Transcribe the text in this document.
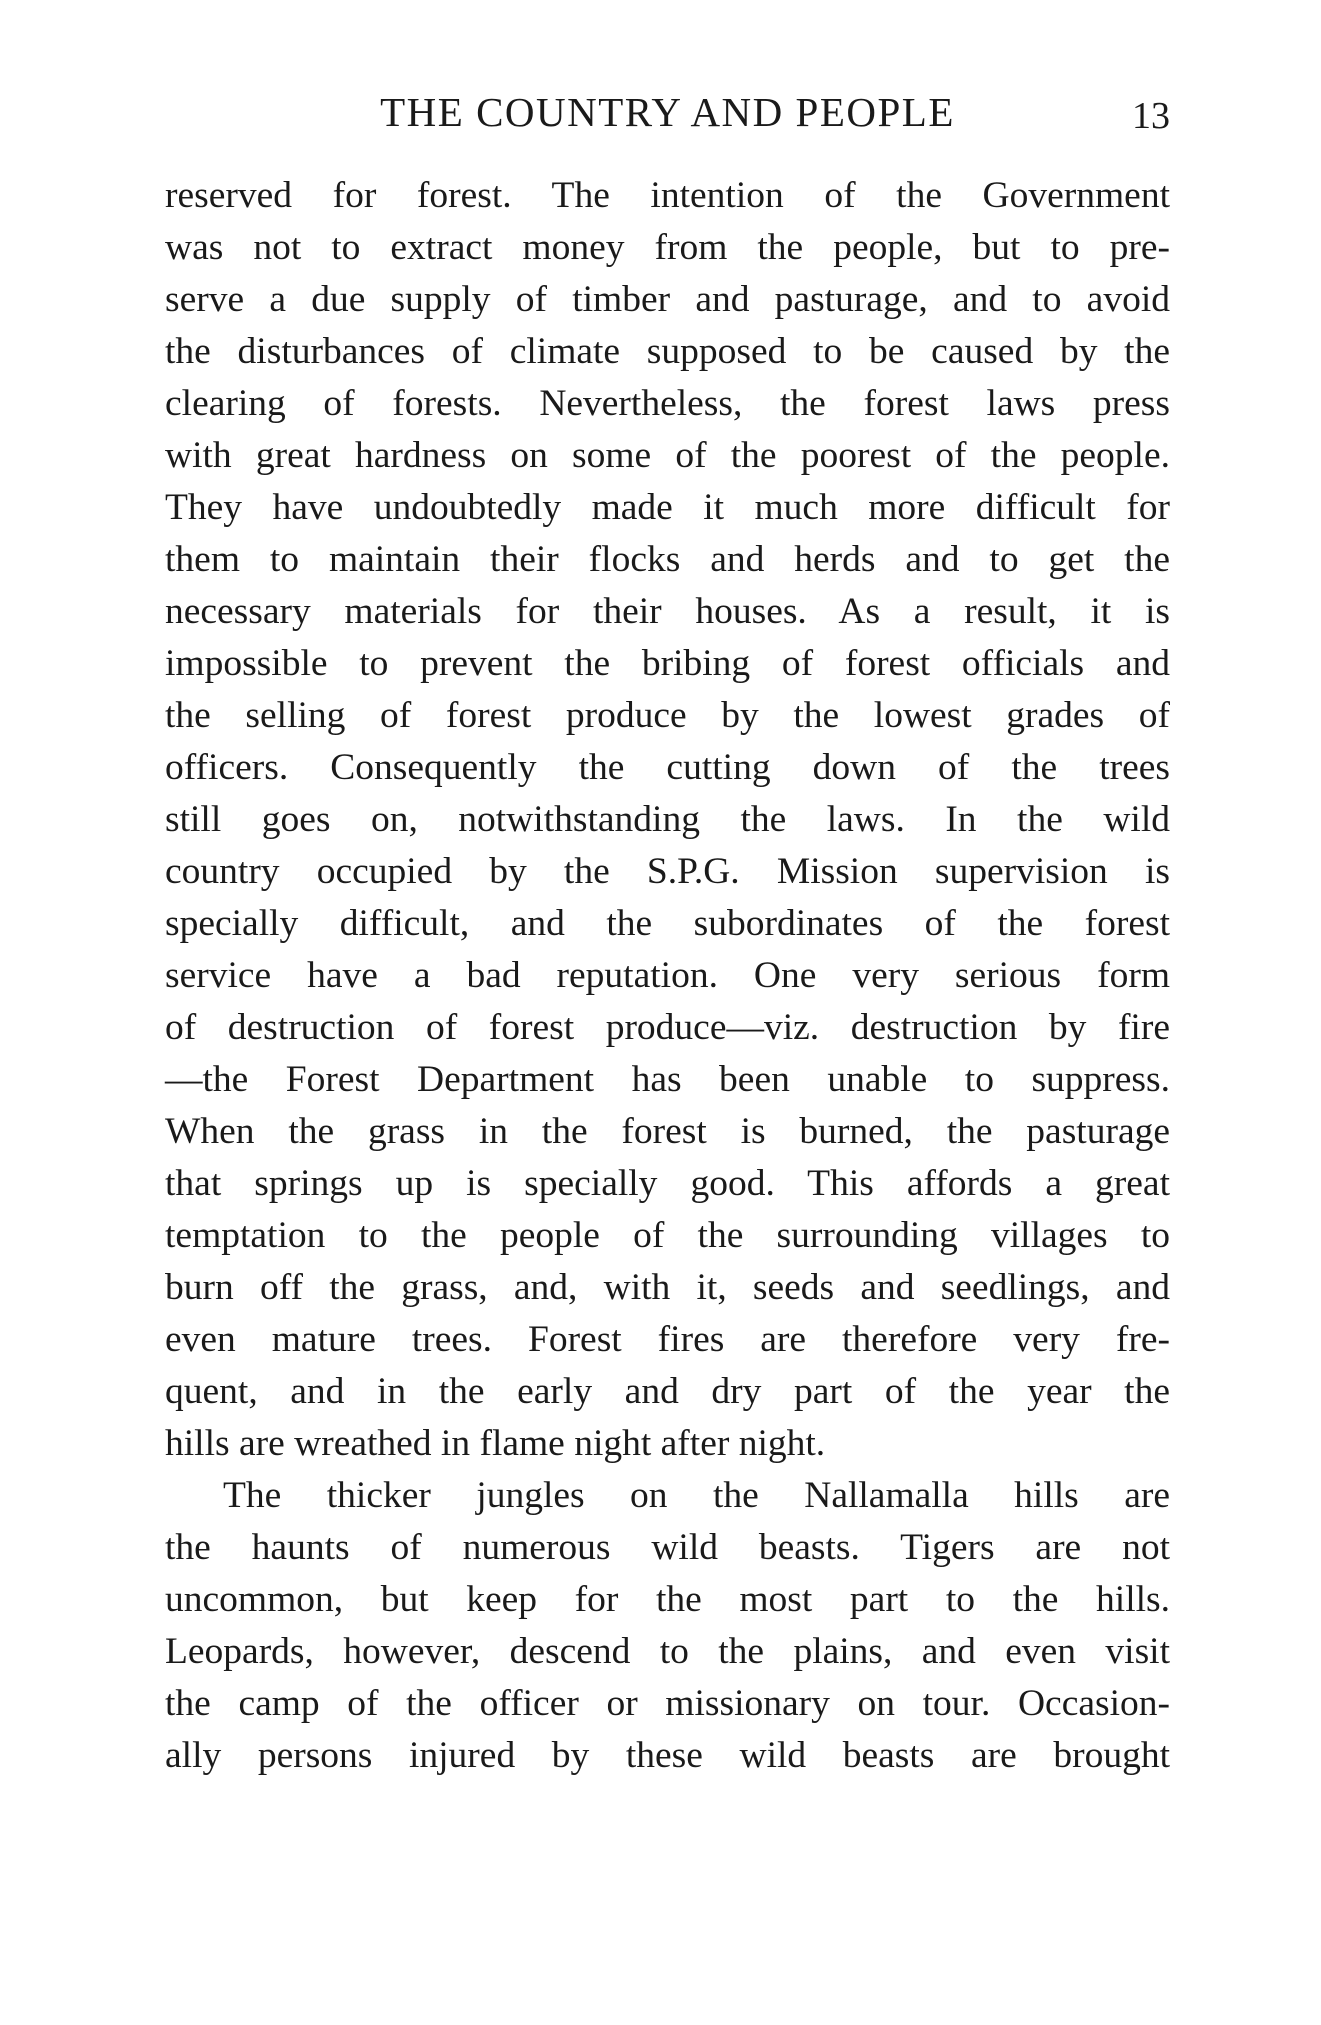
THE COUNTRY AND PEOPLE	13
reserved for forest. The intention of the Government
was not to extract money from the people, but to pre-
serve a due supply of timber and pasturage, and to avoid
the disturbances of climate supposed to be caused by the
clearing of forests. Nevertheless, the forest laws press
with great hardness on some of the poorest of the people.
They have undoubtedly made it much more difficult for
them to maintain their flocks and herds and to get the
necessary materials for their houses. As a result, it is
impossible to prevent the bribing of forest officials and
the selling of forest produce by the lowest grades of
officers. Consequently the cutting down of the trees
still goes on, notwithstanding the laws. In the wild
country occupied by the S.P.G. Mission supervision is
specially difficult, and the subordinates of the forest
service have a bad reputation. One very serious form
of destruction of forest produce—viz. destruction by fire
—the Forest Department has been unable to suppress.
When the grass in the forest is burned, the pasturage
that springs up is specially good. This affords a great
temptation to the people of the surrounding villages to
burn off the grass, and, with it, seeds and seedlings, and
even mature trees. Forest fires are therefore very fre-
quent, and in the early and dry part of the year the
hills are wreathed in flame night after night.
The thicker jungles on the Nallamalla hills are
the haunts of numerous wild beasts. Tigers are not
uncommon, but keep for the most part to the hills.
Leopards, however, descend to the plains, and even visit
the camp of the officer or missionary on tour. Occasion-
ally persons injured by these wild beasts are brought
